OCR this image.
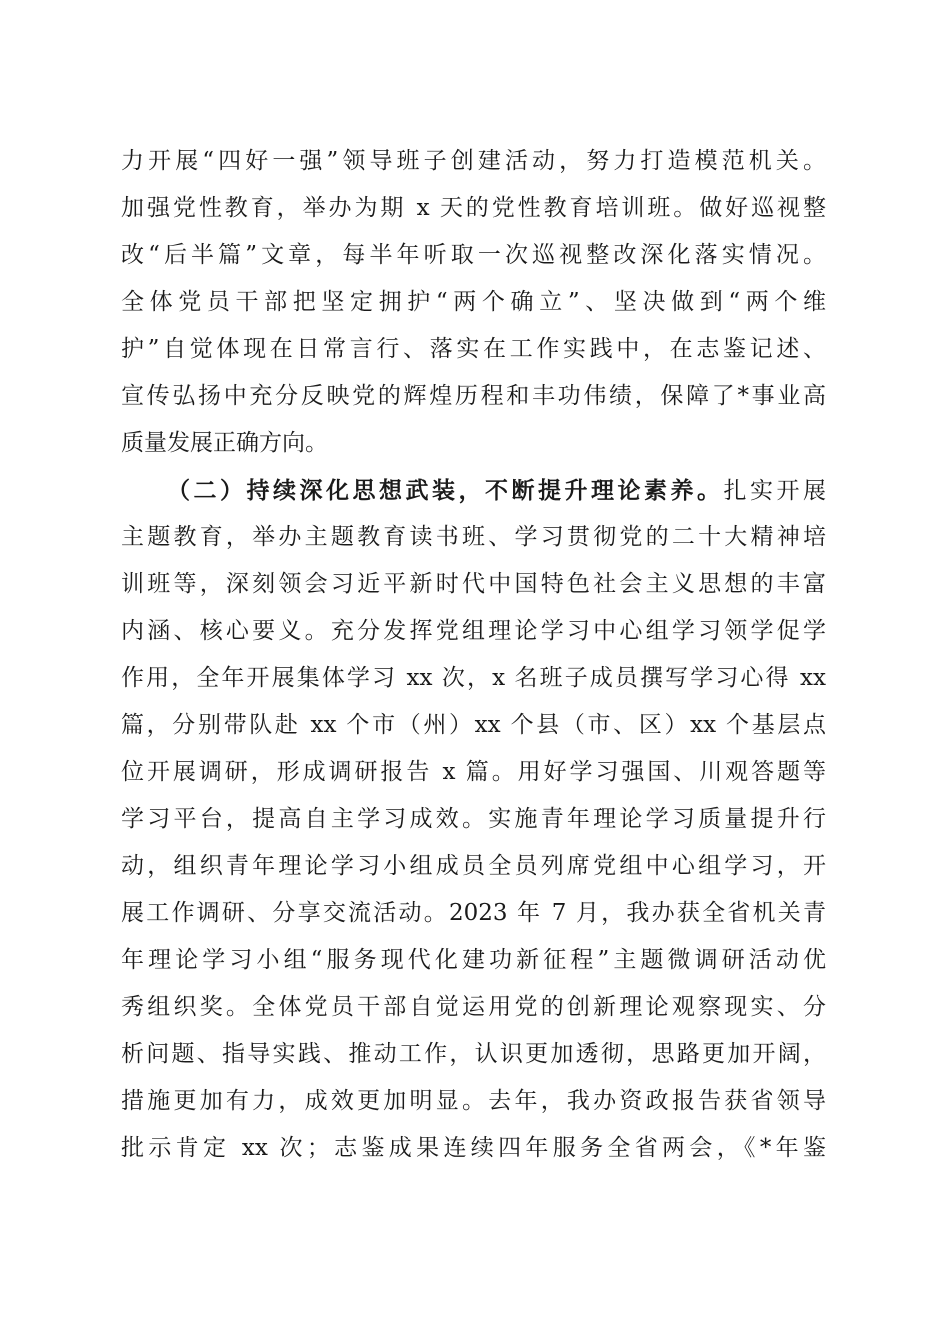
力开展“四好一强”领导班子创建活动，努力打造模范机关。
加强党性教育，举办为期 x 天的党性教育培训班。做好巡视整
改“后半篇”文章，每半年听取一次巡视整改深化落实情况。
全体党员干部把坚定拥护“两个确立”、坚决做到“两个维
护”自觉体现在日常言行、落实在工作实践中，在志鉴记述、
宣传弘扬中充分反映党的辉煌历程和丰功伟绩，保障了*事业高
质量发展正确方向。
（二）持续深化思想武装，不断提升理论素养。扎实开展
主题教育，举办主题教育读书班、学习贯彻党的二十大精神培
训班等，深刻领会习近平新时代中国特色社会主义思想的丰富
内涵、核心要义。充分发挥党组理论学习中心组学习领学促学
作用，全年开展集体学习 xx 次，x 名班子成员撰写学习心得 xx
篇，分别带队赴 xx 个市（州）xx 个县（市、区）xx 个基层点
位开展调研，形成调研报告 x 篇。用好学习强国、川观答题等
学习平台，提高自主学习成效。实施青年理论学习质量提升行
动，组织青年理论学习小组成员全员列席党组中心组学习，开
展工作调研、分享交流活动。2023 年 7 月，我办获全省机关青
年理论学习小组“服务现代化建功新征程”主题微调研活动优
秀组织奖。全体党员干部自觉运用党的创新理论观察现实、分
析问题、指导实践、推动工作，认识更加透彻，思路更加开阔，
措施更加有力，成效更加明显。去年，我办资政报告获省领导
批示肯定 xx 次；志鉴成果连续四年服务全省两会，《*年鉴
